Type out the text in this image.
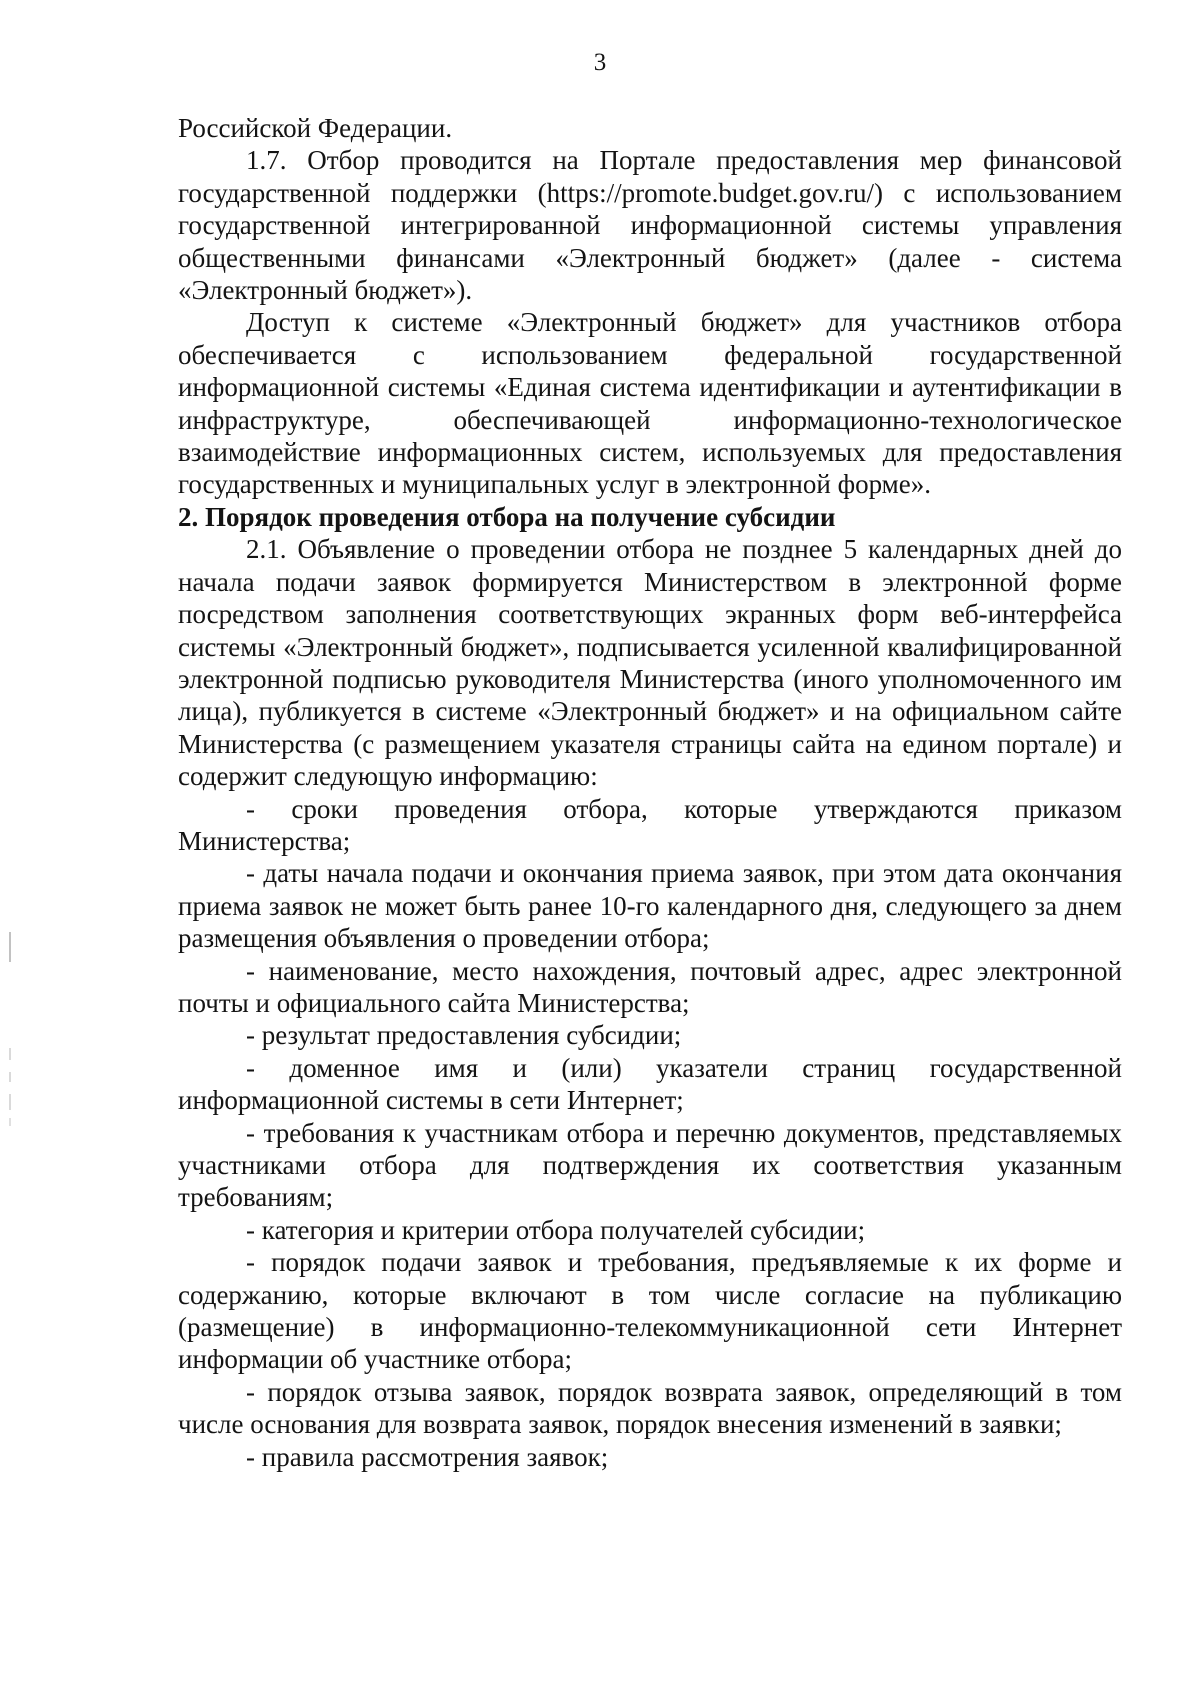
3

Российской Федерации.

1.7. Отбор проводится на Портале предоставления мер финансовой государственной поддержки (https://promote.budget.gov.ru/) с использованием государственной интегрированной информационной системы управления общественными финансами «Электронный бюджет» (далее - система «Электронный бюджет»).

Доступ к системе «Электронный бюджет» для участников отбора обеспечивается с использованием федеральной государственной информационной системы «Единая система идентификации и аутентификации в инфраструктуре, обеспечивающей информационно-технологическое взаимодействие информационных систем, используемых для предоставления государственных и муниципальных услуг в электронной форме».

2. Порядок проведения отбора на получение субсидии

2.1. Объявление о проведении отбора не позднее 5 календарных дней до начала подачи заявок формируется Министерством в электронной форме посредством заполнения соответствующих экранных форм веб-интерфейса системы «Электронный бюджет», подписывается усиленной квалифицированной электронной подписью руководителя Министерства (иного уполномоченного им лица), публикуется в системе «Электронный бюджет» и на официальном сайте Министерства (с размещением указателя страницы сайта на едином портале) и содержит следующую информацию:

- сроки проведения отбора, которые утверждаются приказом Министерства;

- даты начала подачи и окончания приема заявок, при этом дата окончания приема заявок не может быть ранее 10-го календарного дня, следующего за днем размещения объявления о проведении отбора;

- наименование, место нахождения, почтовый адрес, адрес электронной почты и официального сайта Министерства;

- результат предоставления субсидии;

- доменное имя и (или) указатели страниц государственной информационной системы в сети Интернет;

- требования к участникам отбора и перечню документов, представляемых участниками отбора для подтверждения их соответствия указанным требованиям;

- категория и критерии отбора получателей субсидии;

- порядок подачи заявок и требования, предъявляемые к их форме и содержанию, которые включают в том числе согласие на публикацию (размещение) в информационно-телекоммуникационной сети Интернет информации об участнике отбора;

- порядок отзыва заявок, порядок возврата заявок, определяющий в том числе основания для возврата заявок, порядок внесения изменений в заявки;

- правила рассмотрения заявок;
